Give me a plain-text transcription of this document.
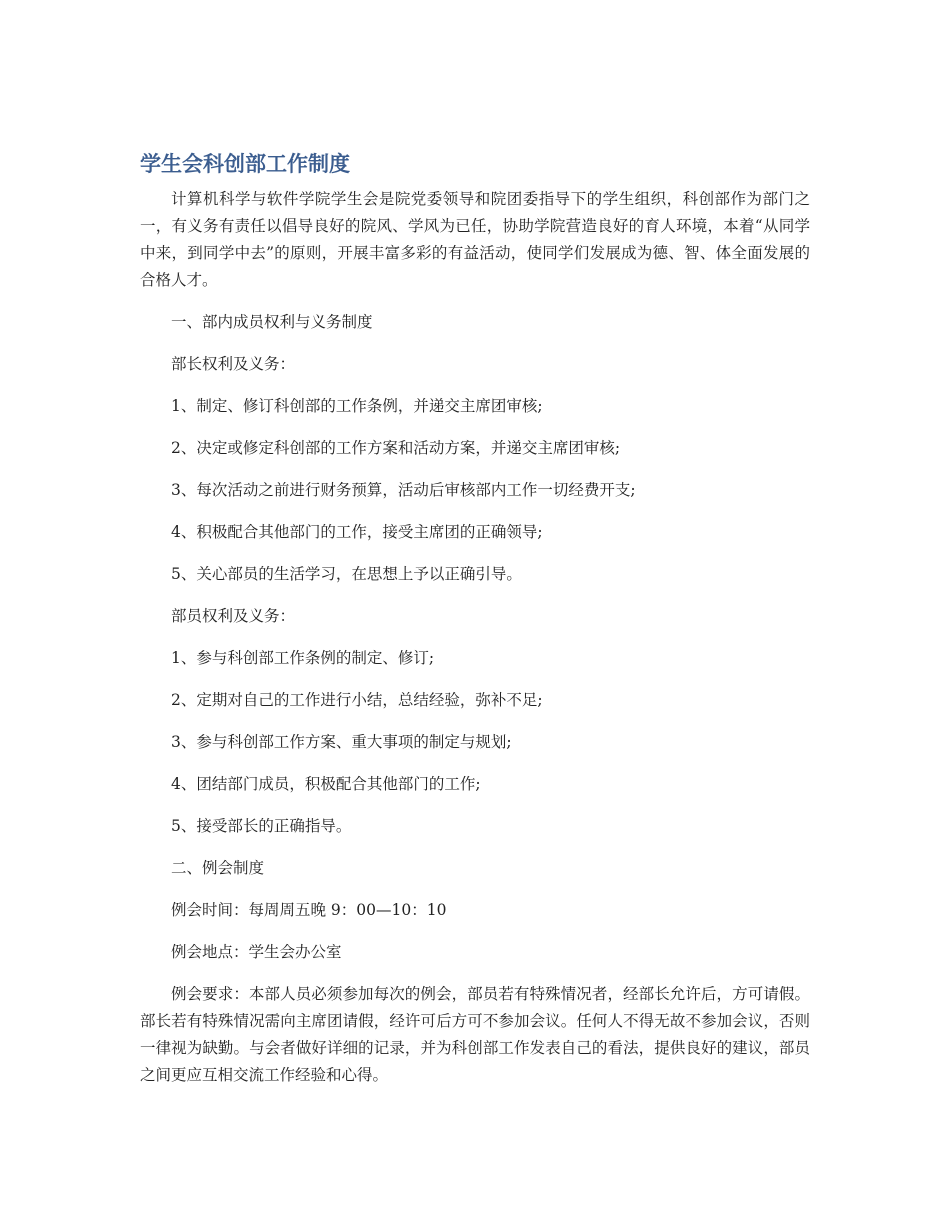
学生会科创部工作制度

计算机科学与软件学院学生会是院党委领导和院团委指导下的学生组织，科创部作为部门之一，有义务有责任以倡导良好的院风、学风为已任，协助学院营造良好的育人环境，本着“从同学中来，到同学中去”的原则，开展丰富多彩的有益活动，使同学们发展成为德、智、体全面发展的合格人才。

一、部内成员权利与义务制度

部长权利及义务：

1、制定、修订科创部的工作条例，并递交主席团审核;

2、决定或修定科创部的工作方案和活动方案，并递交主席团审核;

3、每次活动之前进行财务预算，活动后审核部内工作一切经费开支;

4、积极配合其他部门的工作，接受主席团的正确领导;

5、关心部员的生活学习，在思想上予以正确引导。

部员权利及义务：

1、参与科创部工作条例的制定、修订;

2、定期对自己的工作进行小结，总结经验，弥补不足;

3、参与科创部工作方案、重大事项的制定与规划;

4、团结部门成员，积极配合其他部门的工作;

5、接受部长的正确指导。

二、例会制度

例会时间：每周周五晚 9：00—10：10

例会地点：学生会办公室

例会要求：本部人员必须参加每次的例会，部员若有特殊情况者，经部长允许后，方可请假。部长若有特殊情况需向主席团请假，经许可后方可不参加会议。任何人不得无故不参加会议，否则一律视为缺勤。与会者做好详细的记录，并为科创部工作发表自己的看法，提供良好的建议，部员之间更应互相交流工作经验和心得。
